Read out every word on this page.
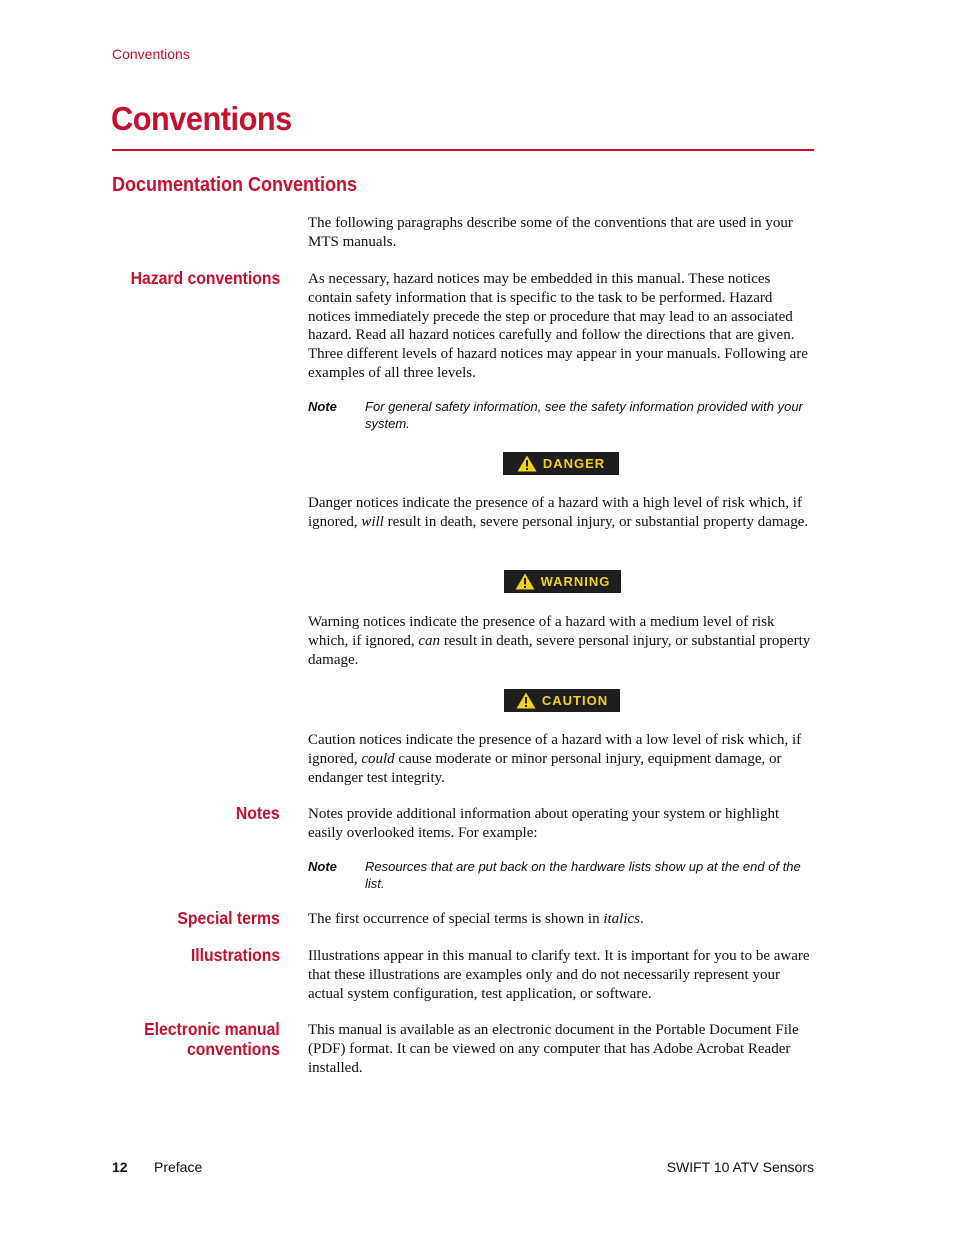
Conventions
Conventions
Documentation Conventions

The following paragraphs describe some of the conventions that are used in your MTS manuals.

Hazard conventions As necessary, hazard notices may be embedded in this manual. These notices contain safety information that is specific to the task to be performed. Hazard notices immediately precede the step or procedure that may lead to an associated hazard. Read all hazard notices carefully and follow the directions that are given. Three different levels of hazard notices may appear in your manuals. Following are examples of all three levels.

Note	For general safety information, see the safety information provided with your system.
DANGER

Danger notices indicate the presence of a hazard with a high level of risk which, if ignored, will result in death, severe personal injury, or substantial property damage.

WARNING

Warning notices indicate the presence of a hazard with a medium level of risk which, if ignored, can result in death, severe personal injury, or substantial property damage.

CAUTION

Caution notices indicate the presence of a hazard with a low level of risk which, if ignored, could cause moderate or minor personal injury, equipment damage, or endanger test integrity.

Notes Notes provide additional information about operating your system or highlight easily overlooked items. For example:

Note	Resources that are put back on the hardware lists show up at the end of the list.
Special terms The first occurrence of special terms is shown in italics.

Illustrations Illustrations appear in this manual to clarify text. It is important for you to be aware that these illustrations are examples only and do not necessarily represent your actual system configuration, test application, or software.

Electronic manual
conventions

This manual is available as an electronic document in the Portable Document File (PDF) format. It can be viewed on any computer that has Adobe Acrobat Reader installed.

12 Preface	SWIFT 10 ATV Sensors
